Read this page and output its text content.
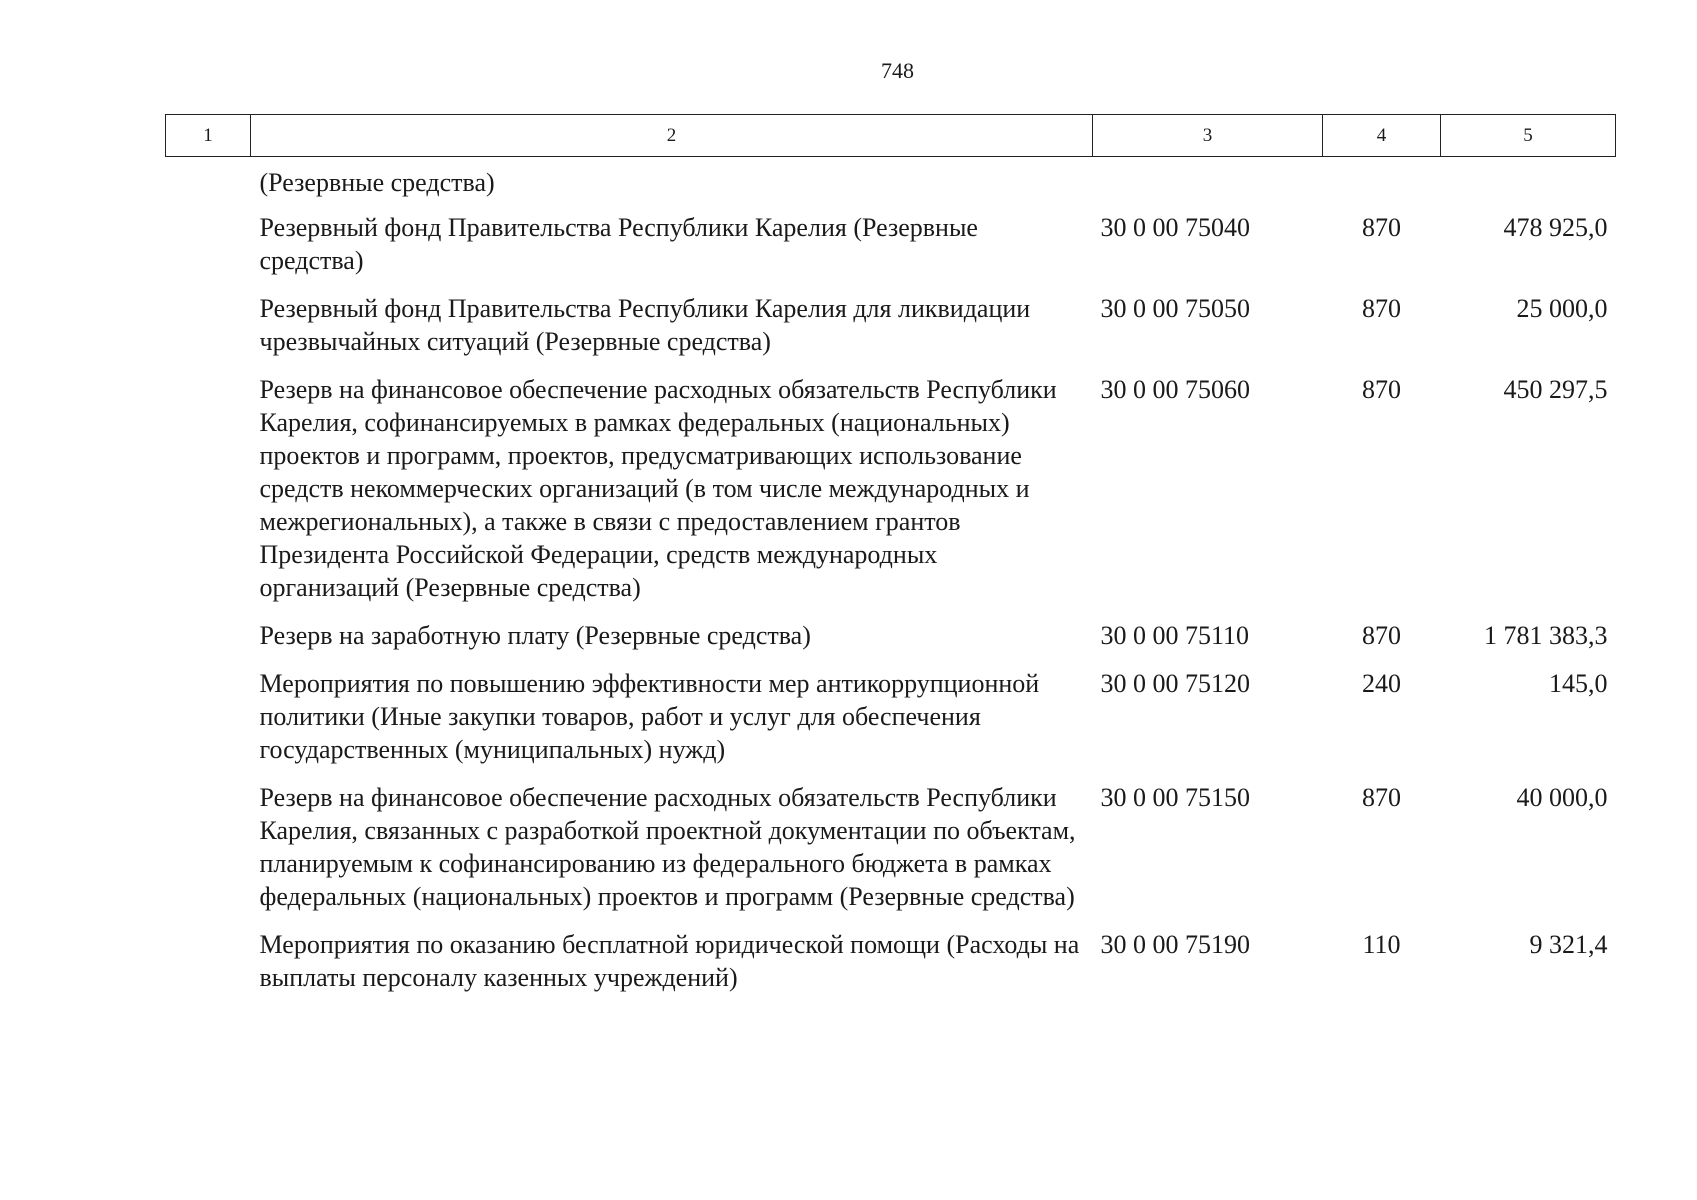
748
1	2	3	4	5
	(Резервные средства)			
	Резервный фонд Правительства Республики Карелия (Резервные средства)	30 0 00 75040	870	478 925,0
	Резервный фонд Правительства Республики Карелия для ликвидации чрезвычайных ситуаций (Резервные средства)	30 0 00 75050	870	25 000,0
	Резерв на финансовое обеспечение расходных обязательств Республики Карелия, софинансируемых в рамках федеральных (национальных) проектов и программ, проектов, предусматривающих использование средств некоммерческих организаций (в том числе международных и межрегиональных), а также в связи с предоставлением грантов Президента Российской Федерации, средств международных организаций (Резервные средства)	30 0 00 75060	870	450 297,5
	Резерв на заработную плату (Резервные средства)	30 0 00 75110	870	1 781 383,3
	Мероприятия по повышению эффективности мер антикоррупционной политики (Иные закупки товаров, работ и услуг для обеспечения государственных (муниципальных) нужд)	30 0 00 75120	240	145,0
	Резерв на финансовое обеспечение расходных обязательств Республики Карелия, связанных с разработкой проектной документации по объектам, планируемым к софинансированию из федерального бюджета в рамках федеральных (национальных) проектов и программ (Резервные средства)	30 0 00 75150	870	40 000,0
	Мероприятия по оказанию бесплатной юридической помощи (Расходы на выплаты персоналу казенных учреждений)	30 0 00 75190	110	9 321,4
